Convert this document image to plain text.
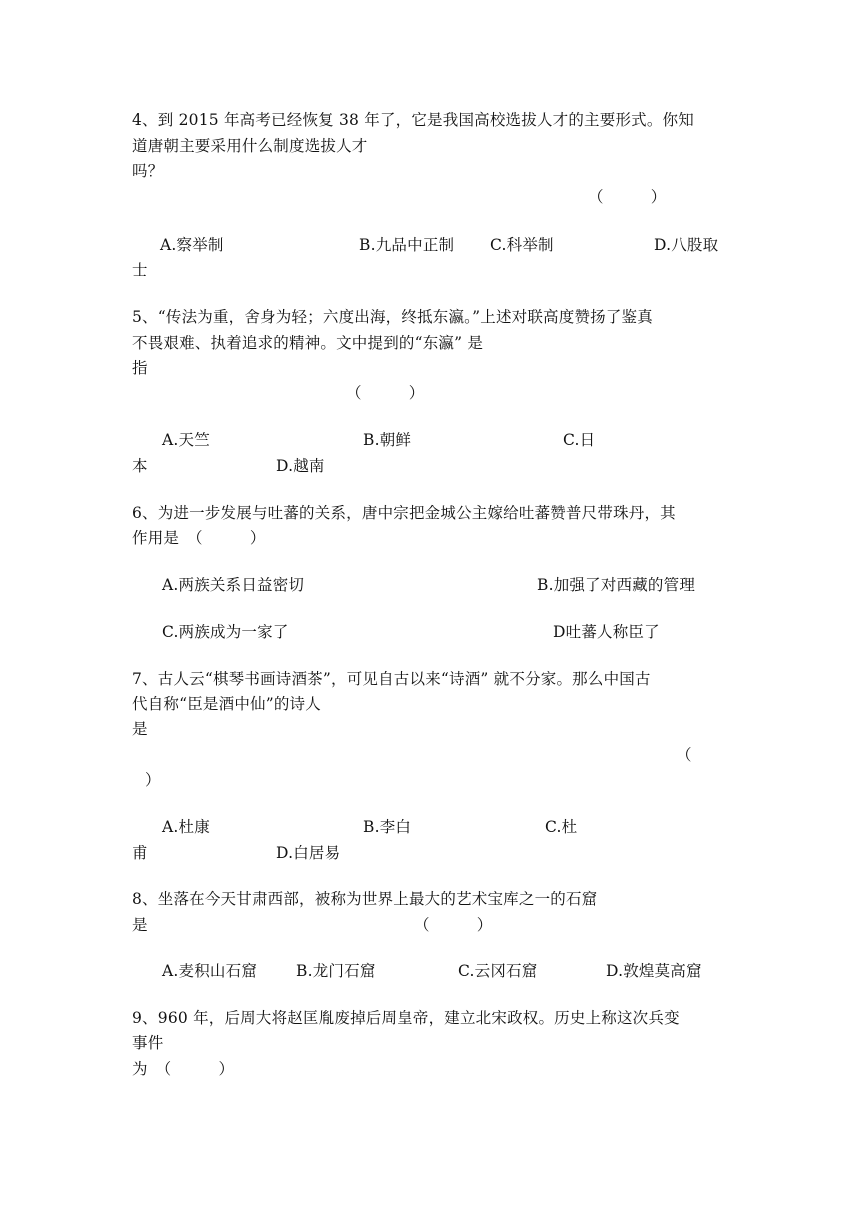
4、到 2015 年高考已经恢复 38 年了，它是我国高校选拔人才的主要形式。你知
道唐朝主要采用什么制度选拔人才
吗？
（　　　）
A.察举制	B.九品中正制 C.科举制	D.八股取
士
5、“传法为重，舍身为轻；六度出海，终抵东瀛。”上述对联高度赞扬了鉴真
不畏艰难、执着追求的精神。文中提到的“东瀛” 是
指
（　　　）
A.天竺	B.朝鲜	C.日
本	D.越南
6、为进一步发展与吐蕃的关系，唐中宗把金城公主嫁给吐蕃赞普尺带珠丹，其
作用是　（　　　）
A.两族关系日益密切	B.加强了对西藏的管理
C.两族成为一家了	D吐蕃人称臣了
7、古人云“棋琴书画诗酒茶”，可见自古以来“诗酒” 就不分家。那么中国古
代自称“臣是酒中仙”的诗人
是
（
）
A.杜康	B.李白	C.杜
甫	D.白居易
8、坐落在今天甘肃西部，被称为世界上最大的艺术宝库之一的石窟
是	（　　　）
A.麦积山石窟	B.龙门石窟	C.云冈石窟	D.敦煌莫高窟
9、960 年，后周大将赵匡胤废掉后周皇帝，建立北宋政权。历史上称这次兵变
事件
为　（　　　）
